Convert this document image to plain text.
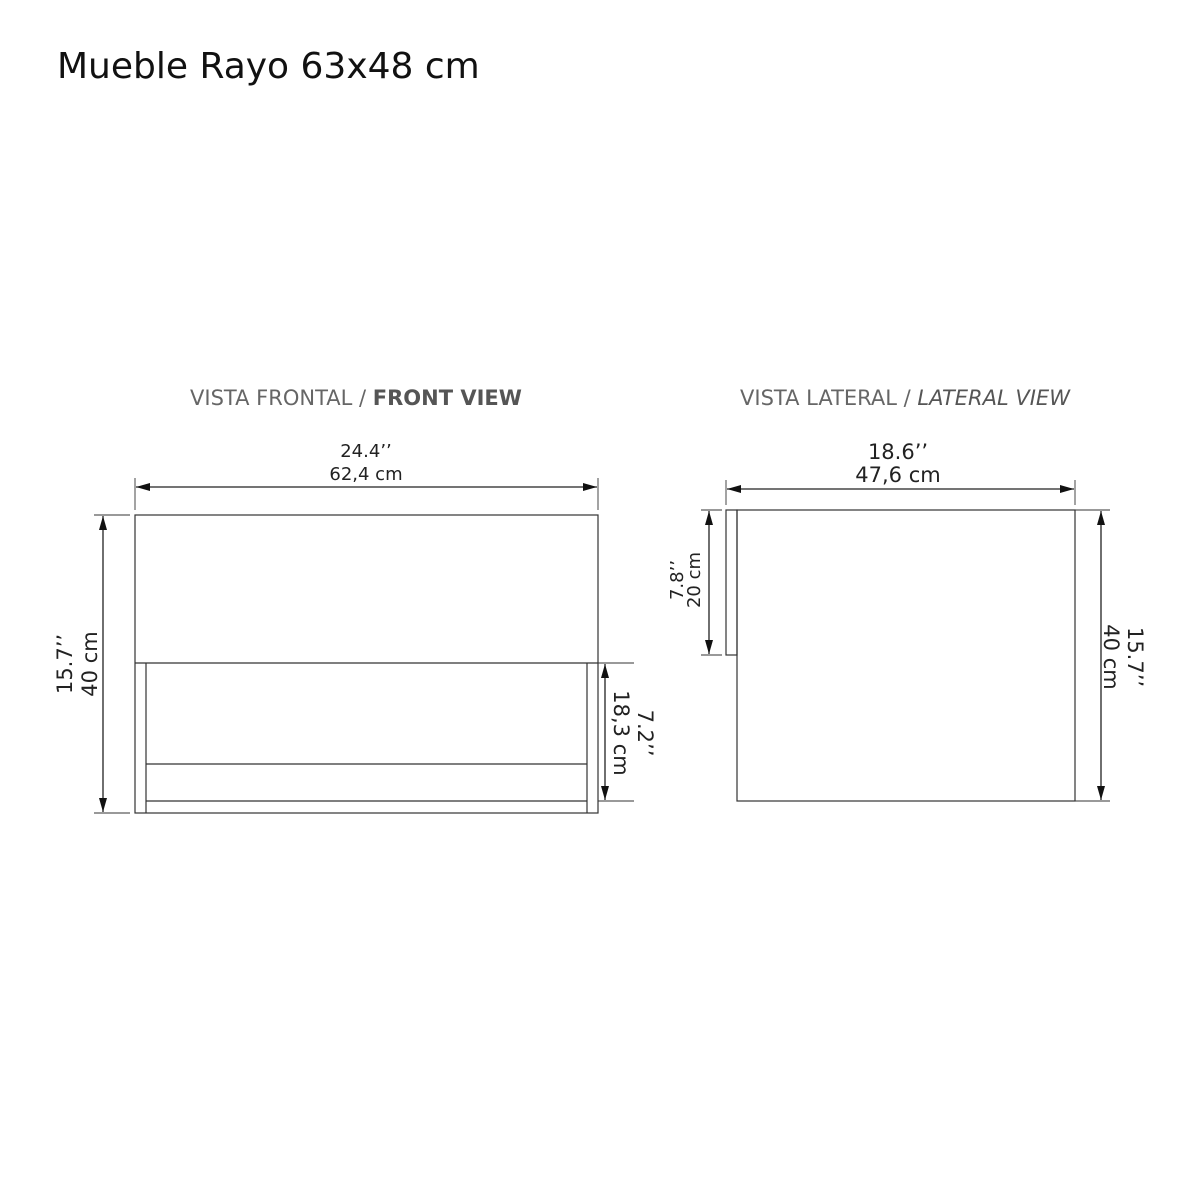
Mueble Rayo 63x48 cm
VISTA FRONTAL / FRONT VIEW
24.4’’
62,4 cm
15.7’’ 40 cm
18,3 cm 7.2’’
VISTA LATERAL / LATERAL VIEW
18.6’’
47,6 cm
7.8’’
20 cm
40 cm 15.7’’
